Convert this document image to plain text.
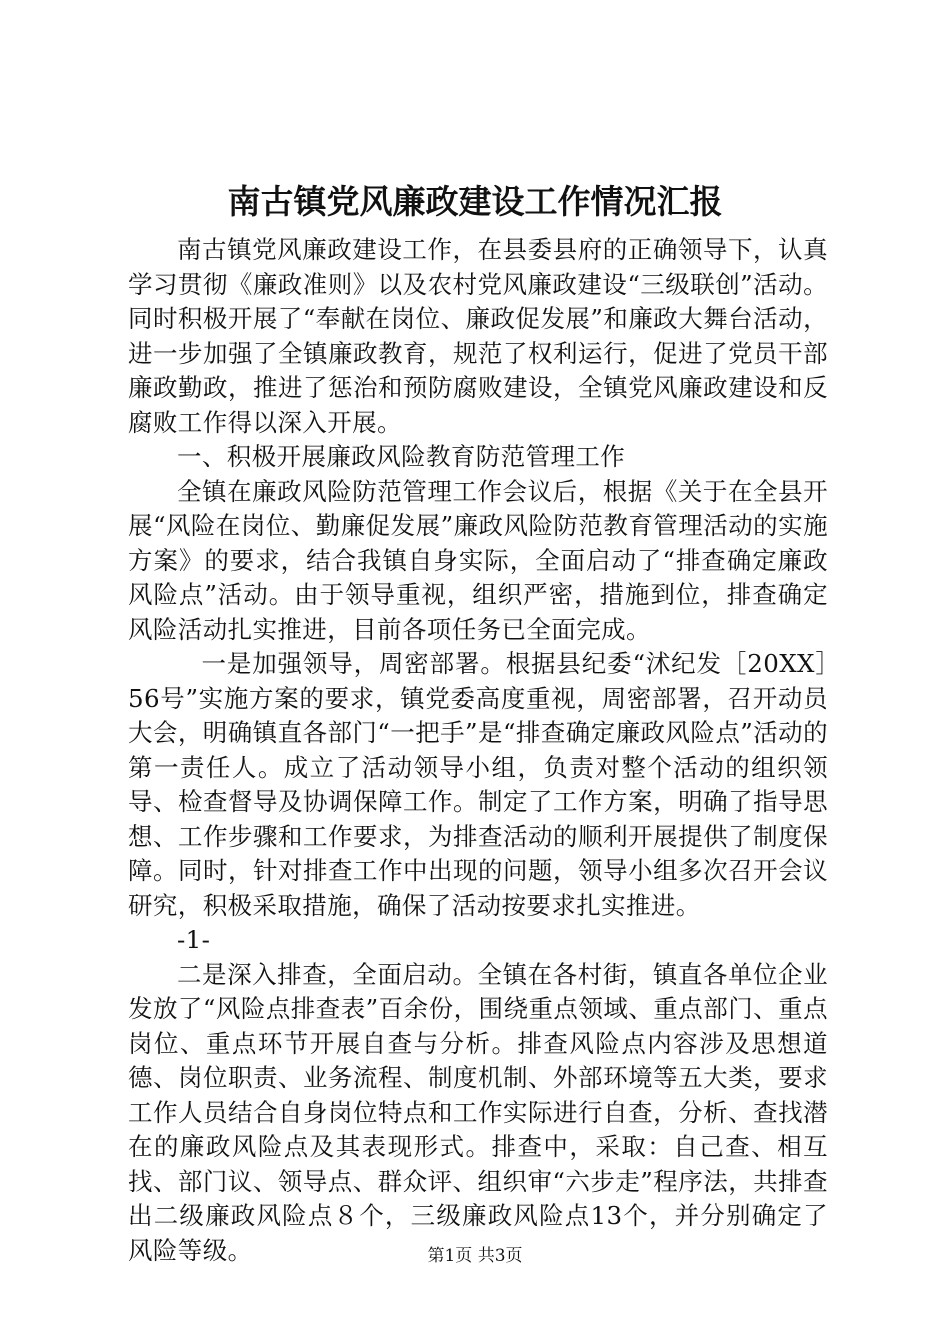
南古镇党风廉政建设工作情况汇报

南古镇党风廉政建设工作，在县委县府的正确领导下，认真学习贯彻《廉政准则》以及农村党风廉政建设“三级联创”活动。同时积极开展了“奉献在岗位、廉政促发展”和廉政大舞台活动，进一步加强了全镇廉政教育，规范了权利运行，促进了党员干部廉政勤政，推进了惩治和预防腐败建设，全镇党风廉政建设和反腐败工作得以深入开展。

一、积极开展廉政风险教育防范管理工作

全镇在廉政风险防范管理工作会议后，根据《关于在全县开展“风险在岗位、勤廉促发展”廉政风险防范教育管理活动的实施方案》的要求，结合我镇自身实际，全面启动了“排查确定廉政风险点”活动。由于领导重视，组织严密，措施到位，排查确定风险活动扎实推进，目前各项任务已全面完成。

一是加强领导，周密部署。根据县纪委“沭纪发［20XX］56号”实施方案的要求，镇党委高度重视，周密部署，召开动员大会，明确镇直各部门“一把手”是“排查确定廉政风险点”活动的第一责任人。成立了活动领导小组，负责对整个活动的组织领导、检查督导及协调保障工作。制定了工作方案，明确了指导思想、工作步骤和工作要求，为排查活动的顺利开展提供了制度保障。同时，针对排查工作中出现的问题，领导小组多次召开会议研究，积极采取措施，确保了活动按要求扎实推进。

-1-

二是深入排查，全面启动。全镇在各村街，镇直各单位企业发放了“风险点排查表”百余份，围绕重点领域、重点部门、重点岗位、重点环节开展自查与分析。排查风险点内容涉及思想道德、岗位职责、业务流程、制度机制、外部环境等五大类，要求工作人员结合自身岗位特点和工作实际进行自查，分析、查找潜在的廉政风险点及其表现形式。排查中，采取：自己查、相互找、部门议、领导点、群众评、组织审“六步走”程序法，共排查出二级廉政风险点８个，三级廉政风险点13个，并分别确定了风险等级。	第1页 共3页
